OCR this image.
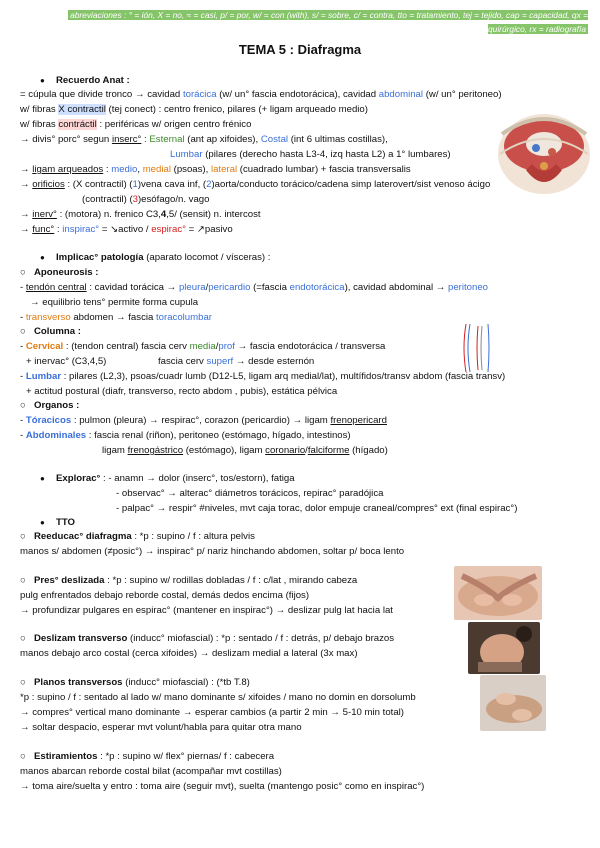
abreviaciones : ° = ión, X = no, ≈ = casi, p/ = por, w/ = con (with), s/ = sobre, c/ = contra, tto = tratamiento, tej = tejido, cap = capacidad, qx = quirúrgico, rx = radiografía
TEMA 5 : Diafragma
● Recuerdo Anat :
= cúpula que divide tronco → cavidad torácica (w/ un° fascia endotorácica), cavidad abdominal (w/ un° peritoneo)
w/ fibras X contractil (tej conect) : centro frenico, pilares (+ ligam arqueado medio)
w/ fibras contráctil : periféricas w/ origen centro frénico
→ divis° porc° segun inserc° : Esternal (ant ap xifoides), Costal (int 6 ultimas costillas),
Lumbar (pilares (derecho hasta L3-4, izq hasta L2) a 1° lumbares)
→ ligam arqueados : medio, medial (psoas), lateral (cuadrado lumbar) + fascia transversalis
→ orificios : (X contractil) (1)vena cava inf, (2)aorta/conducto torácico/cadena simp laterovert/sist venoso ácigo
(contractil) (3)esófago/n. vago
→ inerv° : (motora) n. frenico C3,4,5/ (sensit) n. intercost
→ func° : inspirac° = ↘activo / espirac° = ↗pasivo
● Implicac° patología (aparato locomot / vísceras) :
○ Aponeurosis :
- tendón central : cavidad torácica → pleura/pericardio (=fascia endotorácica), cavidad abdominal → peritoneo
→ equilibrio tens° permite forma cupula
- transverso abdomen → fascia toracolumbar
○ Columna :
- Cervical : (tendon central) fascia cerv media/prof → fascia endotorácica / transversa
+ inervac° (C3,4,5)	fascia cerv superf → desde esternón
- Lumbar : pilares (L2,3), psoas/cuadr lumb (D12-L5, ligam arq medial/lat), multífidos/transv abdom (fascia transv)
+ actitud postural (diafr, transverso, recto abdom , pubis), estática pélvica
○ Organos :
- Tóracicos : pulmon (pleura) → respirac°, corazon (pericardio) → ligam frenopericard
- Abdominales : fascia renal (riñon), peritoneo (estómago, hígado, intestinos)
ligam frenogástrico (estómago), ligam coronario/falciforme (hígado)
● Explorac° : - anamn → dolor (inserc°, tos/estorn), fatiga
- observac° → alterac° diámetros torácicos, repirac° paradójica
- palpac° → respir° #niveles, mvt caja torac, dolor empuje craneal/compres° ext (final espirac°)
● TTO
○ Reeducac° diafragma : *p : supino / f : altura pelvis
manos s/ abdomen (≠posic°) → inspirac° p/ nariz hinchando abdomen, soltar p/ boca lento
○ Pres° deslizada : *p : supino w/ rodillas dobladas / f : c/lat , mirando cabeza
pulg enfrentados debajo reborde costal, demás dedos encima (fijos)
→ profundizar pulgares en espirac° (mantener en inspirac°) → deslizar pulg lat hacia lat
○ Deslizam transverso (inducc° miofascial) : *p : sentado / f : detrás, p/ debajo brazos
manos debajo arco costal (cerca xifoides) → deslizam medial a lateral (3x max)
○ Planos transversos (inducc° miofascial) : (*tb T.8)
*p : supino / f : sentado al lado w/ mano dominante s/ xifoides / mano no domin en dorsolumb
→ compres° vertical mano dominante → esperar cambios (a partir 2 min → 5-10 min total)
→ soltar despacio, esperar mvt volunt/habla para quitar otra mano
○ Estiramientos : *p : supino w/ flex° piernas/ f : cabecera
manos abarcan reborde costal bilat (acompañar mvt costillas)
→ toma aire/suelta y entro : toma aire (seguir mvt), suelta (mantengo posic° como en inspirac°)
